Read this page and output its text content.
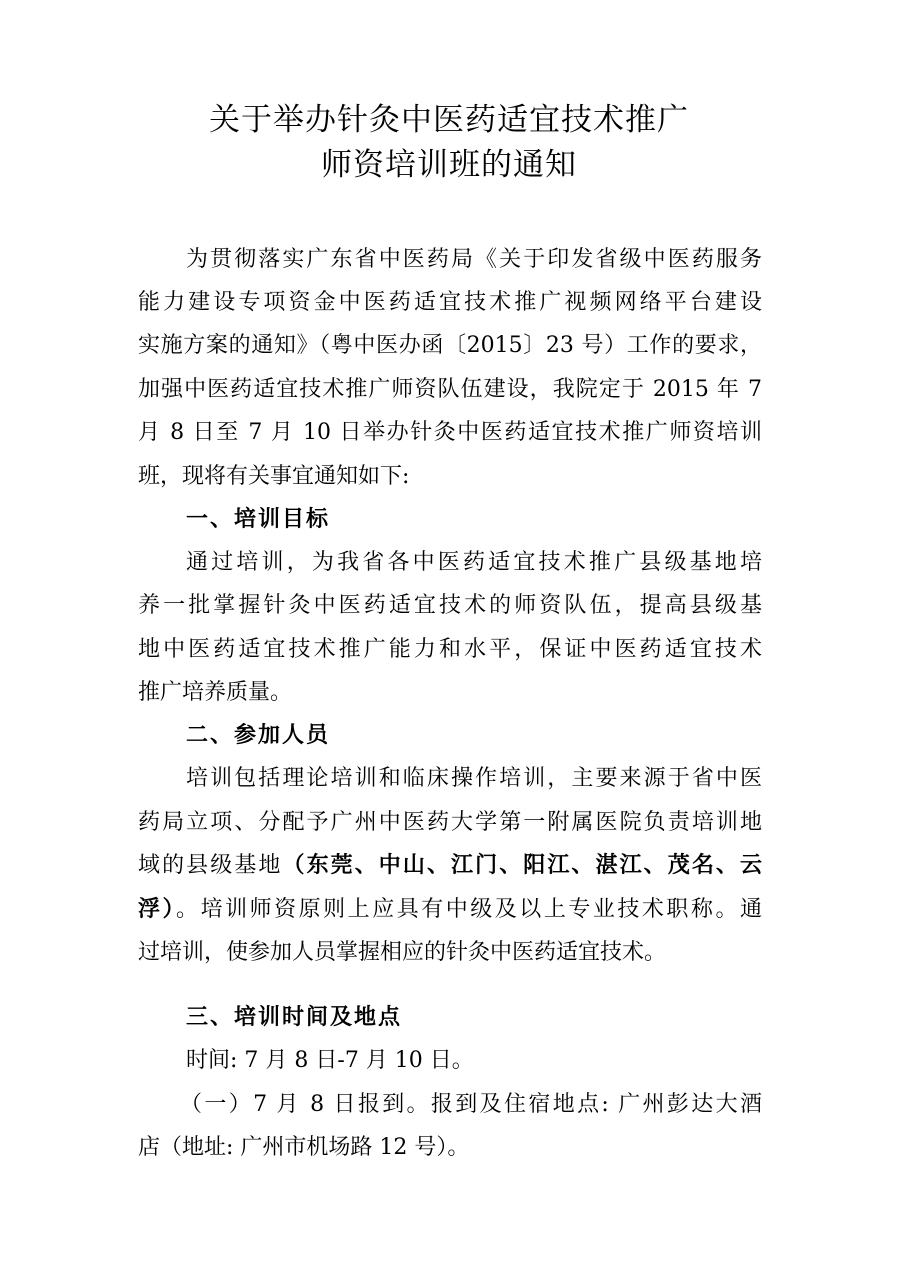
关于举办针灸中医药适宜技术推广
师资培训班的通知

为贯彻落实广东省中医药局《关于印发省级中医药服务

能力建设专项资金中医药适宜技术推广视频网络平台建设

实施方案的通知》（粤中医办函〔2015〕23 号）工作的要求，

加强中医药适宜技术推广师资队伍建设，我院定于 2015 年 7

月 8 日至 7 月 10 日举办针灸中医药适宜技术推广师资培训

班，现将有关事宜通知如下:

一、培训目标

通过培训，为我省各中医药适宜技术推广县级基地培

养一批掌握针灸中医药适宜技术的师资队伍，提高县级基

地中医药适宜技术推广能力和水平，保证中医药适宜技术

推广培养质量。

二、参加人员

培训包括理论培训和临床操作培训，主要来源于省中医

药局立项、分配予广州中医药大学第一附属医院负责培训地

域的县级基地（东莞、中山、江门、阳江、湛江、茂名、云

浮）。培训师资原则上应具有中级及以上专业技术职称。通

过培训，使参加人员掌握相应的针灸中医药适宜技术。

三、培训时间及地点

时间: 7 月 8 日-7 月 10 日。

（一）7 月 8 日报到。报到及住宿地点: 广州彭达大酒

店（地址: 广州市机场路 12 号）。
